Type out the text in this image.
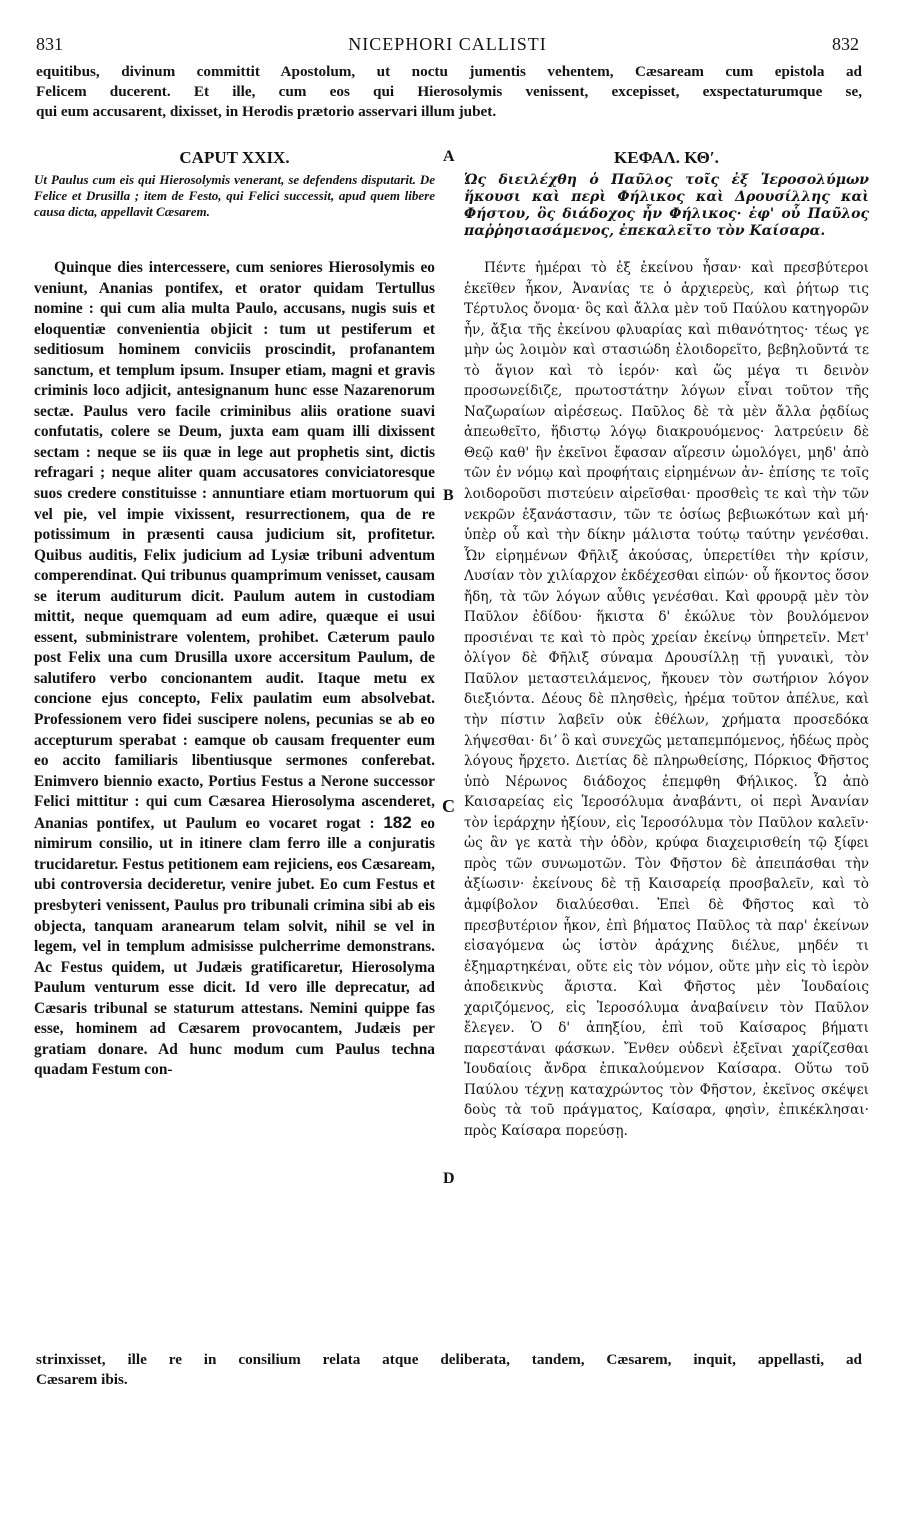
831	NICEPHORI CALLISTI	832
equitibus, divinum committit Apostolum, ut noctu jumentis vehentem, Cæsaream cum epistola ad
Felicem ducerent. Et ille, cum eos qui Hierosolymis venissent, excepisset, exspectaturumque se,
qui eum accusarent, dixisset, in Herodis prætorio asservari illum jubet.
CAPUT XXIX.
Ut Paulus cum eis qui Hierosolymis venerant, se defendens disputarit. De Felice et Drusilla ; item de Festo, qui Felici successit, apud quem libere causa dicta, appellavit Cæsarem.

Quinque dies intercessere, cum seniores Hierosolymis eo veniunt, Ananias pontifex, et orator quidam Tertullus nomine : qui cum alia multa Paulo, accusans, nugis suis et eloquentiæ convenientia objicit : tum ut pestiferum et seditiosum hominem conviciis proscindit, profanantem sanctum, et templum ipsum. Insuper etiam, magni et gravis criminis loco adjicit, antesignanum hunc esse Nazarenorum sectæ. Paulus vero facile criminibus aliis oratione suavi confutatis, colere se Deum, juxta eam quam illi dixissent sectam : neque se iis quæ in lege aut prophetis sint, dictis refragari ; neque aliter quam accusatores conviciatoresque suos credere constituisse : annuntiare etiam mortuorum qui vel pie, vel impie vixissent, resurrectionem, qua de re potissimum in præsenti causa judicium sit, profitetur. Quibus auditis, Felix judicium ad Lysiæ tribuni adventum comperendinat. Qui tribunus quamprimum venisset, causam se iterum auditurum dicit. Paulum autem in custodiam mittit, neque quemquam ad eum adire, quæque ei usui essent, subministrare volentem, prohibet. Cæterum paulo post Felix una cum Drusilla uxore accersitum Paulum, de salutifero verbo concionantem audit. Itaque metu ex concione ejus concepto, Felix paulatim eum absolvebat. Professionem vero fidei suscipere nolens, pecunias se ab eo accepturum sperabat : eamque ob causam frequenter eum eo accito familiaris libentiusque sermones conferebat. Enimvero biennio exacto, Portius Festus a Nerone successor Felici mittitur : qui cum Cæsarea Hierosolyma ascenderet, Ananias pontifex, ut Paulum eo vocaret rogat : 182 eo nimirum consilio, ut in itinere clam ferro ille a conjuratis trucidaretur. Festus petitionem eam rejiciens, eos Cæsaream, ubi controversia decideretur, venire jubet. Eo cum Festus et presbyteri venissent, Paulus pro tribunali crimina sibi ab eis objecta, tanquam aranearum telam solvit, nihil se vel in legem, vel in templum admisisse pulcherrime demonstrans. Ac Festus quidem, ut Judæis gratificaretur, Hierosolyma Paulum venturum esse dicit. Id vero ille deprecatur, ad Cæsaris tribunal se staturum attestans. Nemini quippe fas esse, hominem ad Cæsarem provocantem, Judæis per gratiam donare. Ad hunc modum cum Paulus techna quadam Festum con-

A
B
C
D
ΚΕΦΑΛ. ΚΘʹ.
Ὡς διειλέχθη ὁ Παῦλος τοῖς ἐξ Ἱεροσολύμων ἥκουσι καὶ περὶ Φήλικος καὶ Δρουσίλλης καὶ Φήστου, ὃς διάδοχος ἦν Φήλικος· ἐφ' οὗ Παῦλος παῤῥησιασάμενος, ἐπεκαλεῖτο τὸν Καίσαρα.

Πέντε ἡμέραι τὸ ἐξ ἐκείνου ἦσαν· καὶ πρεσβύτεροι ἐκεῖθεν ἧκον, Ἀνανίας τε ὁ ἀρχιερεὺς, καὶ ῥήτωρ τις Τέρτυλος ὄνομα· ὃς καὶ ἄλλα μὲν τοῦ Παύλου κατηγορῶν ἦν, ἄξια τῆς ἐκείνου φλυαρίας καὶ πιθανότητος· τέως γε μὴν ὡς λοιμὸν καὶ στασιώδη ἐλοιδορεῖτο, βεβηλοῦντά τε τὸ ἅγιον καὶ τὸ ἱερόν· καὶ ὥς μέγα τι δεινὸν προσωνείδιζε, πρωτοστάτην λόγων εἶναι τοῦτον τῆς Ναζωραίων αἱρέσεως. Παῦλος δὲ τὰ μὲν ἄλλα ῥᾳδίως ἀπεωθεῖτο, ἥδιστῳ λόγῳ διακρουόμενος· λατρεύειν δὲ Θεῷ καθ' ἣν ἐκεῖνοι ἔφασαν αἵρεσιν ὡμολόγει, μηδ' ἀπὸ τῶν ἐν νόμῳ καὶ προφήταις εἰρημένων ἀν- ἐπίσης τε τοῖς λοιδοροῦσι πιστεύειν αἱρεῖσθαι· προσθεὶς τε καὶ τὴν τῶν νεκρῶν ἐξανάστασιν, τῶν τε ὁσίως βεβιωκότων καὶ μή· ὑπὲρ οὗ καὶ τὴν δίκην μάλιστα τούτῳ ταύτην γενέσθαι. Ὧν εἰρημένων Φῆλιξ ἀκούσας, ὑπερετίθει τὴν κρίσιν, Λυσίαν τὸν χιλίαρχον ἐκδέχεσθαι εἰπών· οὗ ἥκοντος ὅσον ἤδη, τὰ τῶν λόγων αὖθις γενέσθαι. Καὶ φρουρᾷ μὲν τὸν Παῦλον ἐδίδου· ἥκιστα δ' ἐκώλυε τὸν βουλόμενον προσιέναι τε καὶ τὸ πρὸς χρείαν ἐκείνῳ ὑπηρετεῖν. Μετ' ὀλίγον δὲ Φῆλιξ σύναμα Δρουσίλλῃ τῇ γυναικὶ, τὸν Παῦλον μεταστειλάμενος, ἤκουεν τὸν σωτήριον λόγον διεξιόντα. Δέους δὲ πλησθεὶς, ἠρέμα τοῦτον ἀπέλυε, καὶ τὴν πίστιν λαβεῖν οὐκ ἐθέλων, χρήματα προσεδόκα λήψεσθαι· διʼ ὃ καὶ συνεχῶς μεταπεμπόμενος, ἡδέως πρὸς λόγους ἤρχετο. Διετίας δὲ πληρωθείσης, Πόρκιος Φῆστος ὑπὸ Νέρωνος διάδοχος ἐπεμφθη Φήλικος. Ὧ ἀπὸ Καισαρείας εἰς Ἱεροσόλυμα ἀναβάντι, οἱ περὶ Ἀνανίαν τὸν ἱεράρχην ἠξίουν, εἰς Ἱεροσόλυμα τὸν Παῦλον καλεῖν· ὡς ἂν γε κατὰ τὴν ὁδὸν, κρύφα διαχειρισθείη τῷ ξίφει πρὸς τῶν συνωμοτῶν. Τὸν Φῆστον δὲ ἀπειπάσθαι τὴν ἀξίωσιν· ἐκείνους δὲ τῇ Καισαρείᾳ προσβαλεῖν, καὶ τὸ ἀμφίβολον διαλύεσθαι. Ἐπεὶ δὲ Φῆστος καὶ τὸ πρεσβυτέριον ἧκον, ἐπὶ βήματος Παῦλος τὰ παρ' ἐκείνων εἰσαγόμενα ὡς ἱστὸν ἀράχνης διέλυε, μηδέν τι ἐξημαρτηκέναι, οὔτε εἰς τὸν νόμον, οὔτε μὴν εἰς τὸ ἱερὸν ἀποδεικνὺς ἄριστα. Καὶ Φῆστος μὲν Ἰουδαίοις χαριζόμενος, εἰς Ἱεροσόλυμα ἀναβαίνειν τὸν Παῦλον ἔλεγεν. Ὁ δ' ἀπηξίου, ἐπὶ τοῦ Καίσαρος βήματι παρεστάναι φάσκων. Ἔνθεν οὐδενὶ ἐξεῖναι χαρίζεσθαι Ἰουδαίοις ἄνδρα ἐπικαλούμενον Καίσαρα. Οὕτω τοῦ Παύλου τέχνῃ καταχρώντος τὸν Φῆστον, ἐκεῖνος σκέψει δοὺς τὰ τοῦ πράγματος, Καίσαρα, φησὶν, ἐπικέκλησαι· πρὸς Καίσαρα πορεύσῃ.

strinxisset, ille re in consilium relata atque deliberata, tandem, Cæsarem, inquit, appellasti, ad
Cæsarem ibis.
